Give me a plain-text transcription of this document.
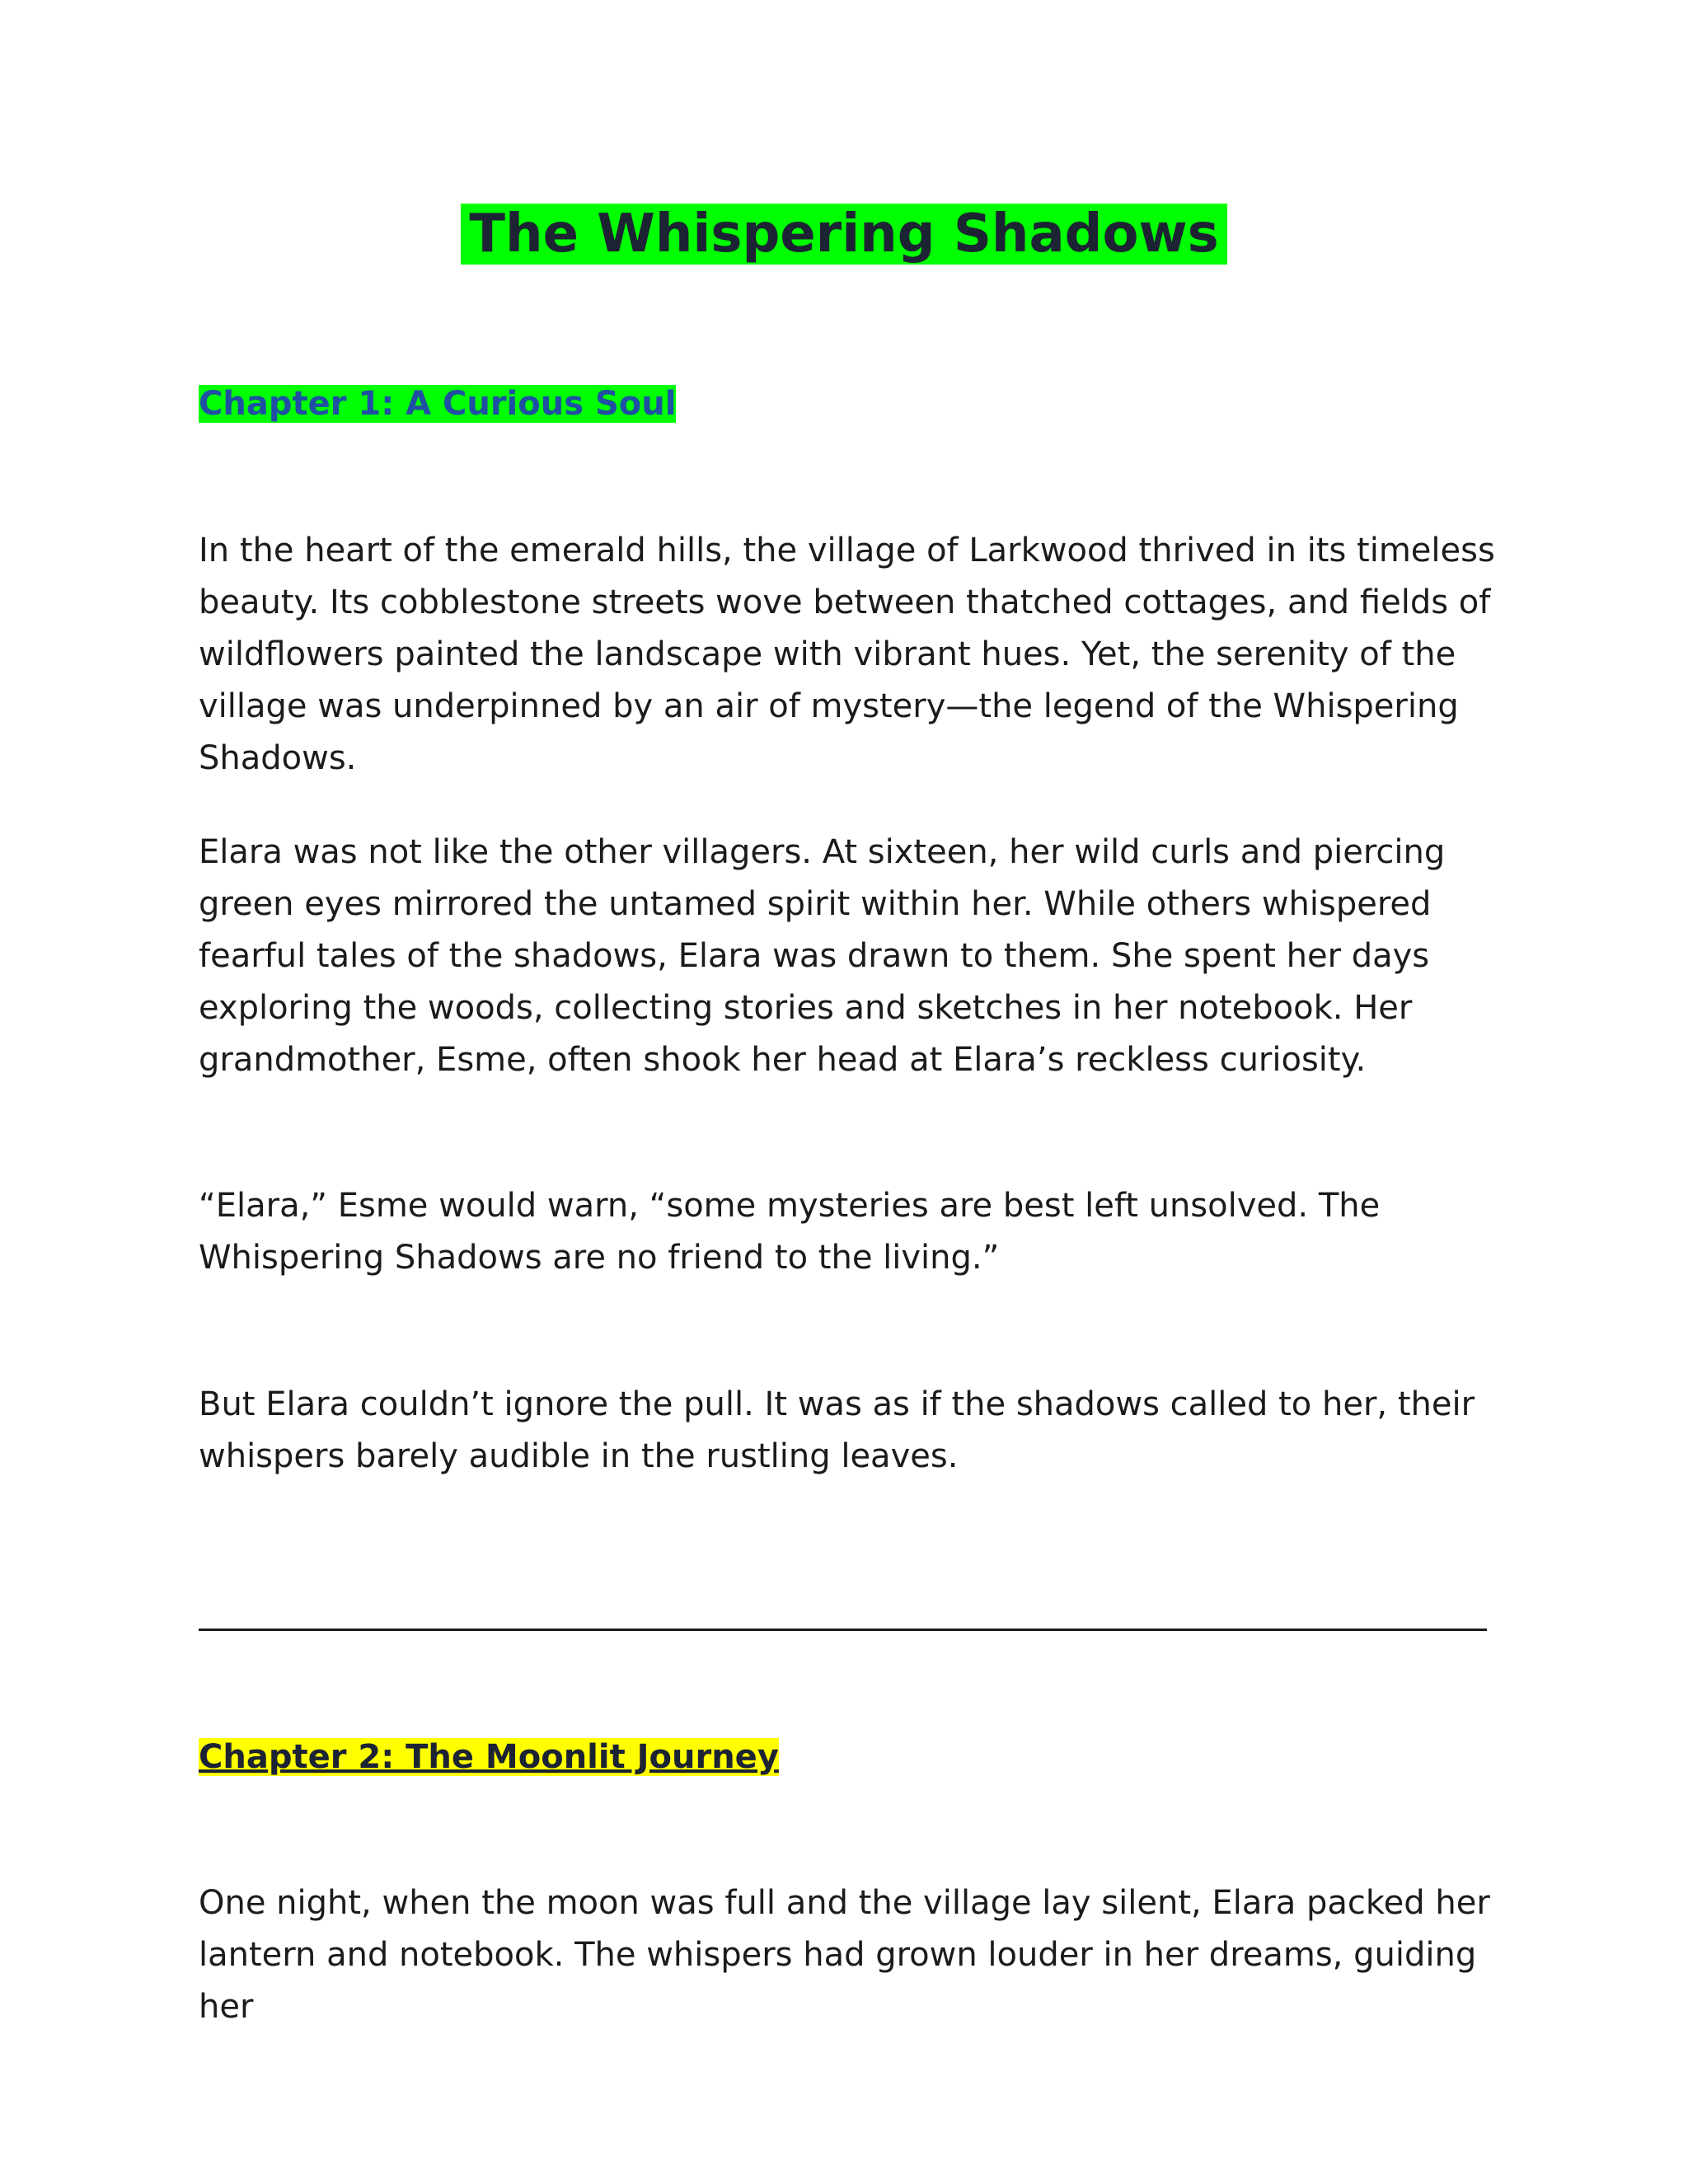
The Whispering Shadows
Chapter 1: A Curious Soul

In the heart of the emerald hills, the village of Larkwood thrived in its timeless beauty. Its cobblestone streets wove between thatched cottages, and fields of wildflowers painted the landscape with vibrant hues. Yet, the serenity of the village was underpinned by an air of mystery—the legend of the Whispering Shadows.

Elara was not like the other villagers. At sixteen, her wild curls and piercing green eyes mirrored the untamed spirit within her. While others whispered fearful tales of the shadows, Elara was drawn to them. She spent her days exploring the woods, collecting stories and sketches in her notebook. Her grandmother, Esme, often shook her head at Elara’s reckless curiosity.

“Elara,” Esme would warn, “some mysteries are best left unsolved. The Whispering Shadows are no friend to the living.”

But Elara couldn’t ignore the pull. It was as if the shadows called to her, their whispers barely audible in the rustling leaves.

Chapter 2: The Moonlit Journey

One night, when the moon was full and the village lay silent, Elara packed her lantern and notebook. The whispers had grown louder in her dreams, guiding her
